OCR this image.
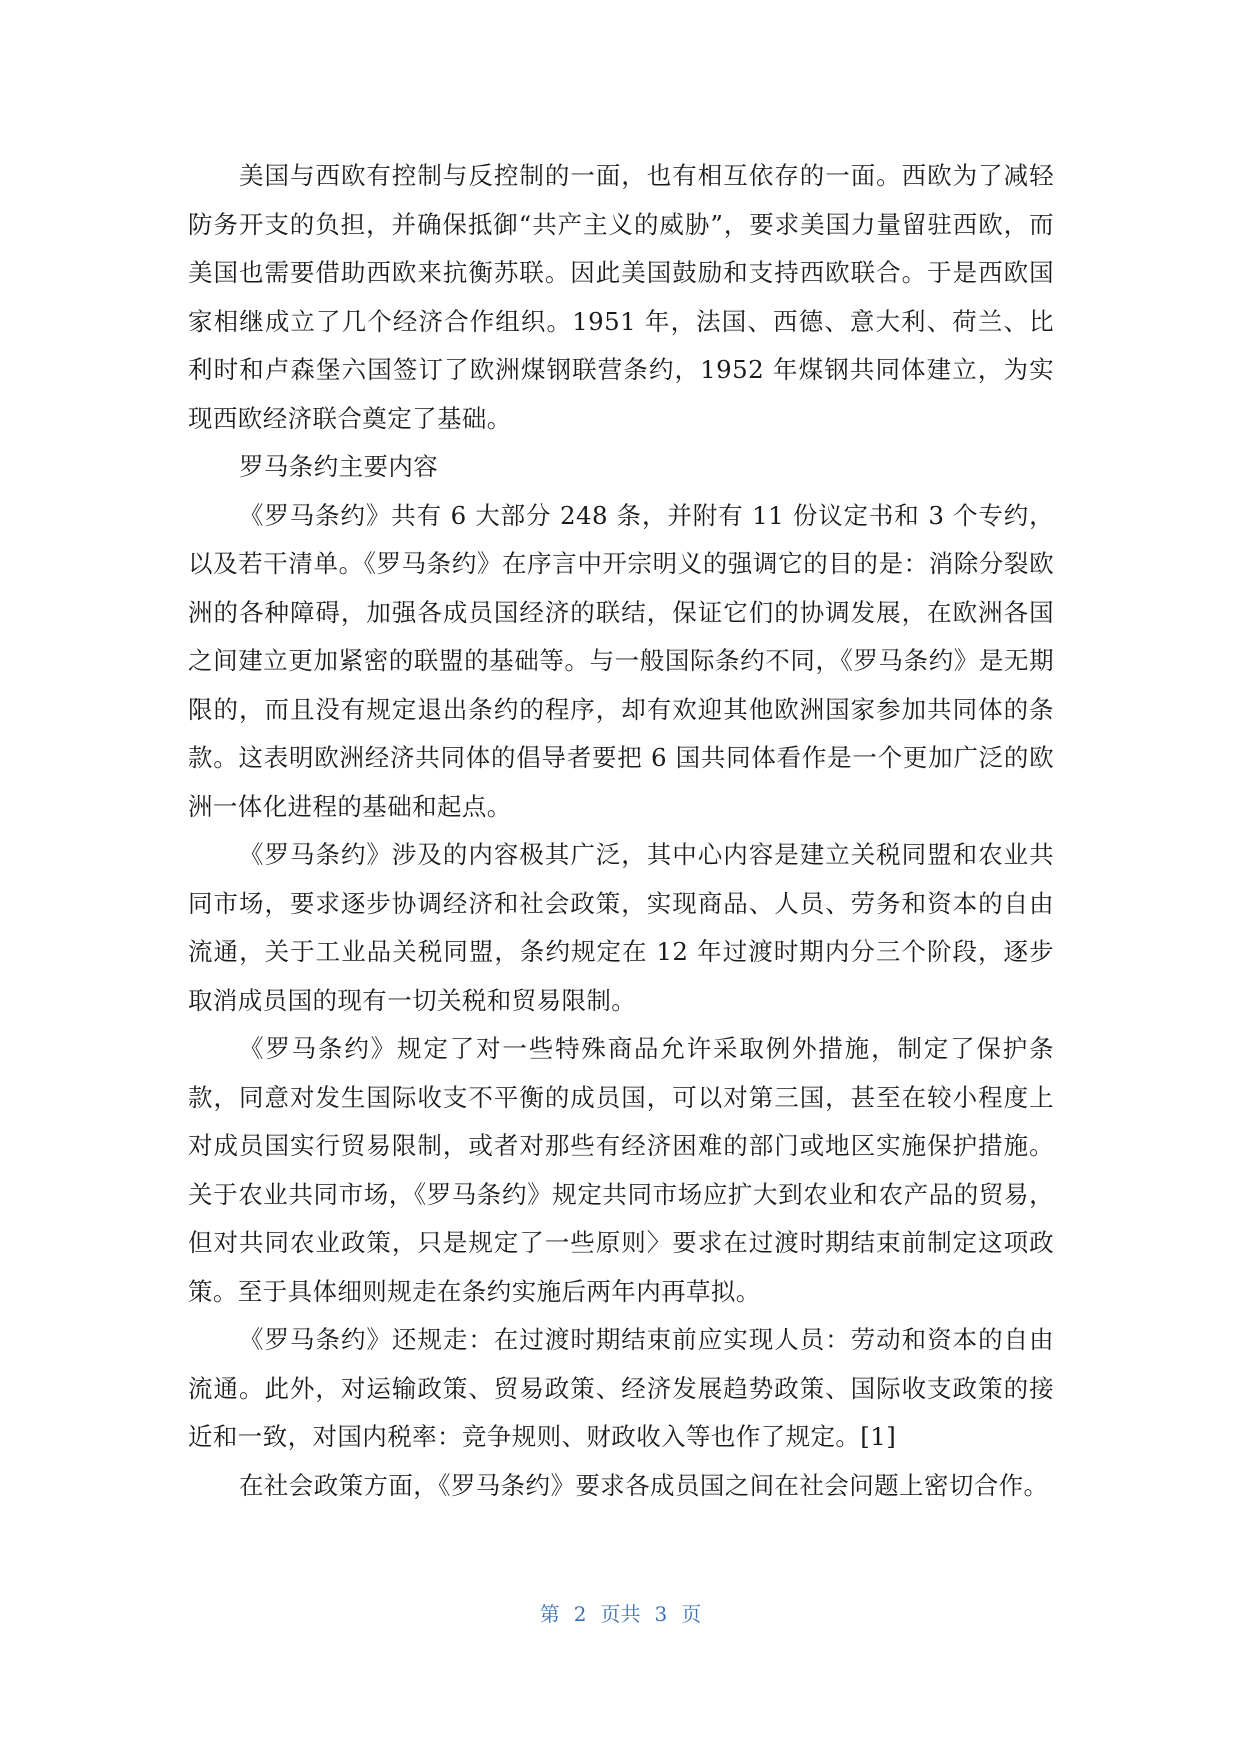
美国与西欧有控制与反控制的一面，也有相互依存的一面。西欧为了减轻防务开支的负担，并确保抵御“共产主义的威胁”，要求美国力量留驻西欧，而美国也需要借助西欧来抗衡苏联。因此美国鼓励和支持西欧联合。于是西欧国家相继成立了几个经济合作组织。1951 年，法国、西德、意大利、荷兰、比利时和卢森堡六国签订了欧洲煤钢联营条约，1952 年煤钢共同体建立，为实现西欧经济联合奠定了基础。

罗马条约主要内容

《罗马条约》共有 6 大部分 248 条，并附有 11 份议定书和 3 个专约，以及若干清单。《罗马条约》在序言中开宗明义的强调它的目的是：消除分裂欧洲的各种障碍，加强各成员国经济的联结，保证它们的协调发展，在欧洲各国之间建立更加紧密的联盟的基础等。与一般国际条约不同，《罗马条约》是无期限的，而且没有规定退出条约的程序，却有欢迎其他欧洲国家参加共同体的条款。这表明欧洲经济共同体的倡导者要把 6 国共同体看作是一个更加广泛的欧洲一体化进程的基础和起点。

《罗马条约》涉及的内容极其广泛，其中心内容是建立关税同盟和农业共同市场，要求逐步协调经济和社会政策，实现商品、人员、劳务和资本的自由流通，关于工业品关税同盟，条约规定在 12 年过渡时期内分三个阶段，逐步取消成员国的现有一切关税和贸易限制。

《罗马条约》规定了对一些特殊商品允许采取例外措施，制定了保护条款，同意对发生国际收支不平衡的成员国，可以对第三国，甚至在较小程度上对成员国实行贸易限制，或者对那些有经济困难的部门或地区实施保护措施。关于农业共同市场，《罗马条约》规定共同市场应扩大到农业和农产品的贸易，但对共同农业政策，只是规定了一些原则〉要求在过渡时期结束前制定这项政策。至于具体细则规走在条约实施后两年内再草拟。

《罗马条约》还规走：在过渡时期结束前应实现人员：劳动和资本的自由流通。此外，对运输政策、贸易政策、经济发展趋势政策、国际收支政策的接近和一致，对国内税率：竞争规则、财政收入等也作了规定。[1]

在社会政策方面，《罗马条约》要求各成员国之间在社会问题上密切合作。

第 2 页共 3 页
